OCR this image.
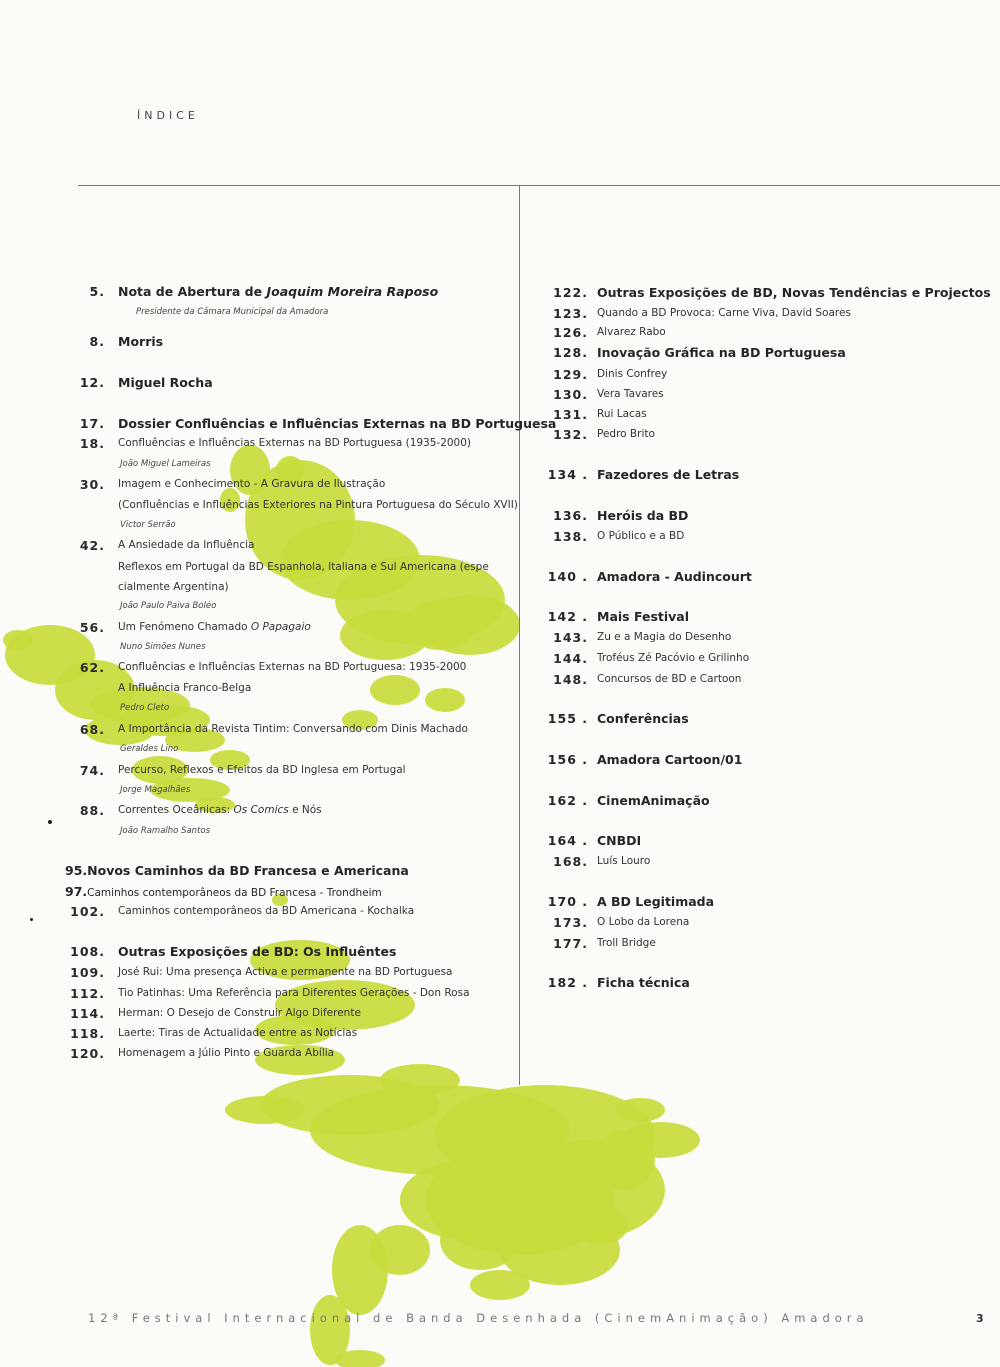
ÍNDICE
5. Nota de Abertura de Joaquim Moreira Raposo
Presidente da Câmara Municipal da Amadora
8. Morris
12. Miguel Rocha
17. Dossier Confluências e Influências Externas na BD Portuguesa
18. Confluências e Influências Externas na BD Portuguesa (1935-2000)
João Miguel Lameiras
30. Imagem e Conhecimento - A Gravura de Ilustração
(Confluências e Influências Exteriores na Pintura Portuguesa do Século XVII)
Victor Serrão
42. A Ansiedade da Influência
Reflexos em Portugal da BD Espanhola, Italiana e Sul Americana (espe
cialmente Argentina)
João Paulo Paiva Boléo
56. Um Fenómeno Chamado O Papagaio
Nuno Simões Nunes
62. Confluências e Influências Externas na BD Portuguesa: 1935-2000
A Influência Franco-Belga
Pedro Cleto
68. A Importância da Revista Tintim: Conversando com Dinis Machado
Geraldes Lino
74. Percurso, Reflexos e Efeitos da BD Inglesa em Portugal
Jorge Magalhães
88. Correntes Oceânicas: Os Comics e Nós
João Ramalho Santos
95.Novos Caminhos da BD Francesa e Americana
97.Caminhos contemporâneos da BD Francesa - Trondheim
102. Caminhos contemporâneos da BD Americana - Kochalka
108. Outras Exposições de BD: Os Influêntes
109. José Rui: Uma presença Activa e permanente na BD Portuguesa
112. Tio Patinhas: Uma Referência para Diferentes Gerações - Don Rosa
114. Herman: O Desejo de Construir Algo Diferente
118. Laerte: Tiras de Actualidade entre as Notícias
120. Homenagem a Júlio Pinto e Guarda Abília
122. Outras Exposições de BD, Novas Tendências e Projectos
123. Quando a BD Provoca: Carne Viva, David Soares
126. Alvarez Rabo
128. Inovação Gráfica na BD Portuguesa
129. Dinis Confrey
130. Vera Tavares
131. Rui Lacas
132. Pedro Brito
134 . Fazedores de Letras
136. Heróis da BD
138. O Público e a BD
140 . Amadora - Audincourt
142 . Mais Festival
143. Zu e a Magia do Desenho
144. Troféus Zé Pacóvio e Grilinho
148. Concursos de BD e Cartoon
155 . Conferências
156 . Amadora Cartoon/01
162 . CinemAnimação
164 . CNBDI
168. Luís Louro
170 . A BD Legitimada
173. O Lobo da Lorena
177. Troll Bridge
182 . Ficha técnica
12ª Festival Internacional de Banda Desenhada (CinemAnimação) Amadora	3
